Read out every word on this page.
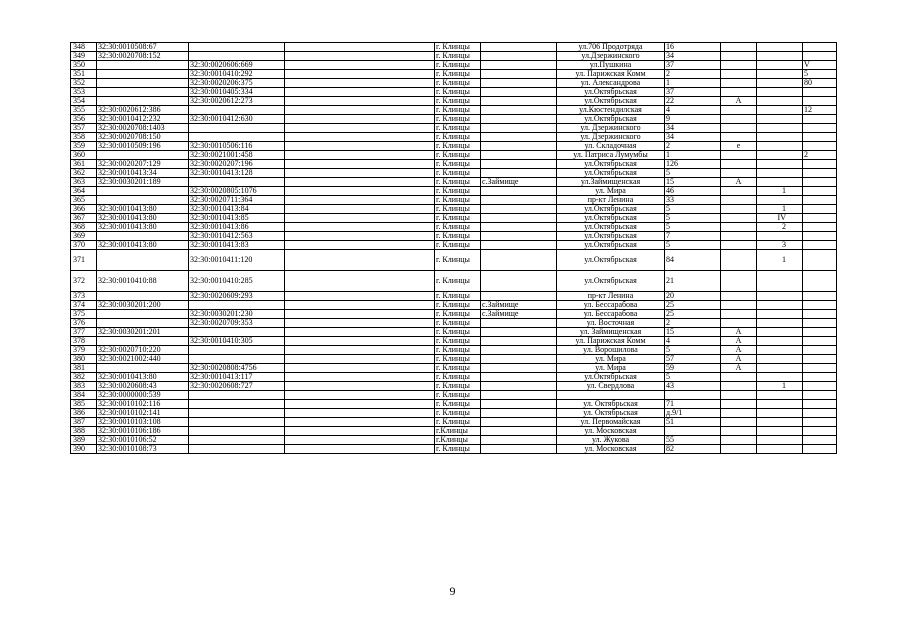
348	32:30:0010508:67			г. Клинцы		ул.706 Продотряда	16			
349	32:30:0020708:152			г. Клинцы		ул.Дзержинского	34			
350		32:30:0020606:669		г. Клинцы		ул.Пушкина	37			V
351		32:30:0010410:292		г. Клинцы		ул. Парижская Комм	2			5
352		32:30:0020206:375		г. Клинцы		ул. Александрова	1			80
353		32:30:0010405:334		г. Клинцы		ул.Октябрьская	37			
354		32:30:0020612:273		г. Клинцы		ул.Октябрьская	22	А		
355	32:30:0020612:386			г. Клинцы		ул.Кюстендилская	4			12
356	32:30:0010412:232	32:30:0010412:630		г. Клинцы		ул.Октябрьская	9			
357	32:30:0020708:1403			г. Клинцы		ул. Дзержинского	34			
358	32:30:0020708:150			г. Клинцы		ул. Дзержинского	34			
359	32:30:0010509:196	32:30:0010506:116		г. Клинцы		ул. Складочная	2	е		
360		32:30:0021001:458		г. Клинцы		ул. Патриса Лумумбы	1			2
361	32:30:0020207:129	32:30:0020207:196		г. Клинцы		ул.Октябрьская	126			
362	32:30:0010413:34	32:30:0010413:128		г. Клинцы		ул.Октябрьская	5			
363	32:30:0030201:189			г. Клинцы	с.Займище	ул.Займищенская	15	А		
364		32:30:0020805:1076		г. Клинцы		ул. Мира	46		1	
365		32:30:0020711:364		г. Клинцы		пр-кт Ленина	33			
366	32:30:0010413:80	32:30:0010413:84		г. Клинцы		ул.Октябрьская	5		1	
367	32:30:0010413:80	32:30:0010413:85		г. Клинцы		ул.Октябрьская	5		IV	
368	32:30:0010413:80	32:30:0010413:86		г. Клинцы		ул.Октябрьская	5		2	
369		32:30:0010412:563		г. Клинцы		ул.Октябрьская	7			
370	32:30:0010413:80	32:30:0010413:83		г. Клинцы		ул.Октябрьская	5		3	
371		32:30:0010411:120		г. Клинцы		ул.Октябрьская	84		1	
372	32:30:0010410:88	32:30:0010410:285		г. Клинцы		ул.Октябрьская	21			
373		32:30:0020609:293		г. Клинцы		пр-кт Ленина	20			
374	32:30:0030201:200			г. Клинцы	с.Займище	ул. Бессарабова	25			
375		32:30:0030201:230		г. Клинцы	с.Займище	ул. Бессарабова	25			
376		32:30:0020709:353		г. Клинцы		ул. Восточная	2			
377	32:30:0030201:201			г. Клинцы		ул. Займищенская	15	А		
378		32:30:0010410:305		г. Клинцы		ул. Парижская Комм	4	А		
379	32:30:0020710:220			г. Клинцы		ул. Ворошилова	5	А		
380	32:30:0021002:440			г. Клинцы		ул. Мира	57	А		
381		32:30:0020808:4756		г. Клинцы		ул. Мира	59	А		
382	32:30:0010413:80	32:30:0010413:117		г. Клинцы		ул.Октябрьская	5			
383	32:30:0020608:43	32:30:0020608:727		г. Клинцы		ул. Свердлова	43		1	
384	32:30:0000000:539			г. Клинцы						
385	32:30:0010102:116			г. Клинцы		ул. Октябрьская	71			
386	32:30:0010102:141			г. Клинцы		ул. Октябрьская	д.9/1			
387	32:30:0010103:108			г. Клинцы		ул. Первомайская	51			
388	32:30:0010106:186			г.Клинцы		ул. Московская				
389	32:30:0010106:52			г.Клинцы		ул. Жукова	55			
390	32:30:0010108:73			г. Клинцы		ул. Московская	82			
9
